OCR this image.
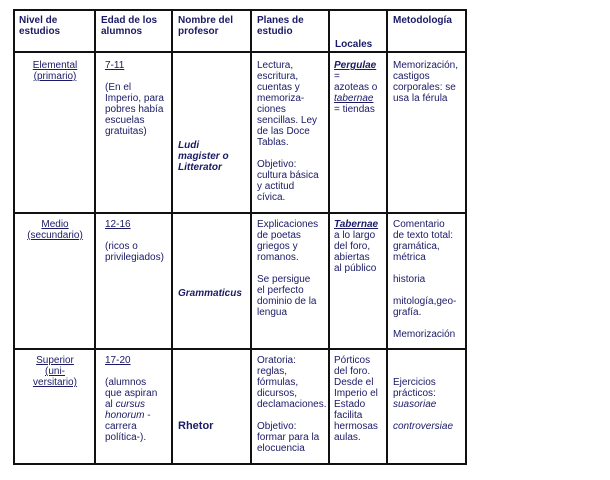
Nivel de
estudios
Edad de los
alumnos
Nombre del
profesor
Planes de
estudio
Locales
Metodología
Elemental
(primario)
7-11
(En el
Imperio, para
pobres había
escuelas
gratuitas)
Ludi
magister o
Litterator
Lectura,
escritura,
cuentas y
memoriza-
ciones
sencillas. Ley
de las Doce
Tablas.
Objetivo:
cultura básica
y actitud
cívica.
Pergulae
=
azoteas o
tabernae
= tiendas
Memorización,
castigos
corporales: se
usa la férula
Medio
(secundario)
12-16
(ricos o
privilegiados)
Grammaticus
Explicaciones
de poetas
griegos y
romanos.
Se persigue
el perfecto
dominio de la
lengua
Tabernae
a lo largo
del foro,
abiertas
al público
Comentario
de texto total:
gramática,
métrica
historia
mitología,geo-
grafía.
Memorización
Superior
(uni-
versitario)
17-20
(alumnos
que aspiran
al cursus
honorum -
carrera
política-).
Rhetor
Oratoria:
reglas,
fórmulas,
dicursos,
declamaciones.
Objetivo:
formar para la
elocuencia
Pórticos
del foro.
Desde el
Imperio el
Estado
facilita
hermosas
aulas.
Ejercicios
prácticos:
suasoriae
controversiae
